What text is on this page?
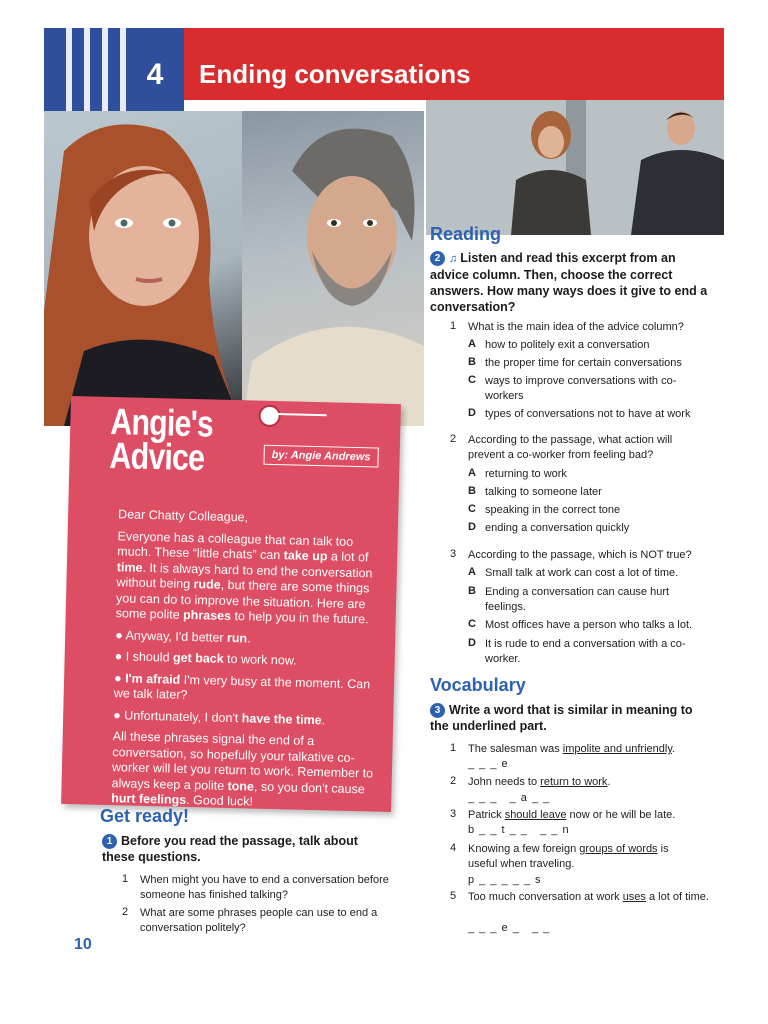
4	Ending conversations
Angie's
Advice	by: Angie Andrews

Dear Chatty Colleague,

Everyone has a colleague that can talk too much. These “little chats” can take up a lot of time. It is always hard to end the conversation without being rude, but there are some things you can do to improve the situation. Here are some polite phrases to help you in the future.

● Anyway, I'd better run.

● I should get back to work now.

● I'm afraid I'm very busy at the moment. Can we talk later?

● Unfortunately, I don't have the time.

All these phrases signal the end of a conversation, so hopefully your talkative co-worker will let you return to work. Remember to always keep a polite tone, so you don't cause hurt feelings. Good luck!

Get ready!
1 Before you read the passage, talk about these questions.
1 When might you have to end a conversation before someone has finished talking?
2 What are some phrases people can use to end a conversation politely?
Reading
2 ♫ Listen and read this excerpt from an advice column. Then, choose the correct answers. How many ways does it give to end a conversation?
1 What is the main idea of the advice column?
A how to politely exit a conversation
B the proper time for certain conversations
C ways to improve conversations with co-workers
D types of conversations not to have at work
2 According to the passage, what action will prevent a co-worker from feeling bad?
A returning to work
B talking to someone later
C speaking in the correct tone
D ending a conversation quickly
3 According to the passage, which is NOT true?
A Small talk at work can cost a lot of time.
B Ending a conversation can cause hurt feelings.
C Most offices have a person who talks a lot.
D It is rude to end a conversation with a co-worker.
Vocabulary
3 Write a word that is similar in meaning to the underlined part.
1 The salesman was impolite and unfriendly.
_ _ _ e
2 John needs to return to work.
_ _ _   _ a _ _
3 Patrick should leave now or he will be late.
b _ _ t _ _   _ _ n
4 Knowing a few foreign groups of words is useful when traveling.
p _ _ _ _ _ s
5 Too much conversation at work uses a lot of time.
_ _ _ e _   _ _
10
